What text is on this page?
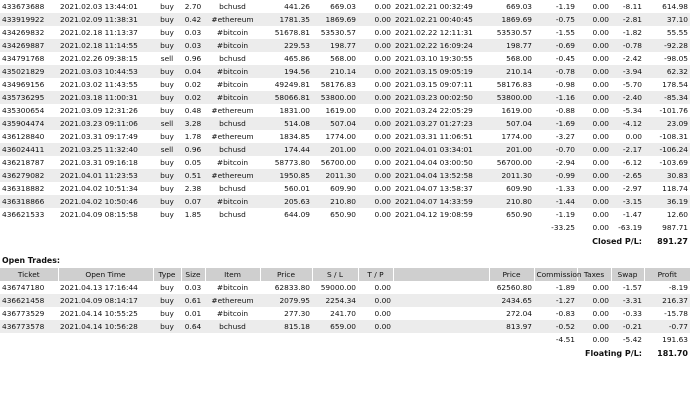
433673688	2021.02.03 13:44:01	buy	2.70	bchusd	441.26	669.03	0.00	2021.02.21 00:32:49	669.03	-1.19	0.00	-8.11	614.98
433919922	2021.02.09 11:38:31	buy	0.42	#ethereum	1781.35	1869.69	0.00	2021.02.21 00:40:45	1869.69	-0.75	0.00	-2.81	37.10
434269832	2021.02.18 11:13:37	buy	0.03	#bitcoin	51678.81	53530.57	0.00	2021.02.22 12:11:31	53530.57	-1.55	0.00	-1.82	55.55
434269887	2021.02.18 11:14:55	buy	0.03	#bitcoin	229.53	198.77	0.00	2021.02.22 16:09:24	198.77	-0.69	0.00	-0.78	-92.28
434791768	2021.02.26 09:38:15	sell	0.96	bchusd	465.86	568.00	0.00	2021.03.10 19:30:55	568.00	-0.45	0.00	-2.42	-98.05
435021829	2021.03.03 10:44:53	buy	0.04	#bitcoin	194.56	210.14	0.00	2021.03.15 09:05:19	210.14	-0.78	0.00	-3.94	62.32
434969156	2021.03.02 11:43:55	buy	0.02	#bitcoin	49249.81	58176.83	0.00	2021.03.15 09:07:11	58176.83	-0.98	0.00	-5.70	178.54
435736295	2021.03.18 11:00:31	buy	0.02	#bitcoin	58066.81	53800.00	0.00	2021.03.23 00:02:50	53800.00	-1.16	0.00	-2.40	-85.34
435300654	2021.03.09 12:31:26	buy	0.48	#ethereum	1831.00	1619.00	0.00	2021.03.24 22:05:29	1619.00	-0.88	0.00	-5.34	-101.76
435904474	2021.03.23 09:11:06	sell	3.28	bchusd	514.08	507.04	0.00	2021.03.27 01:27:23	507.04	-1.69	0.00	-4.12	23.09
436128840	2021.03.31 09:17:49	buy	1.78	#ethereum	1834.85	1774.00	0.00	2021.03.31 11:06:51	1774.00	-3.27	0.00	0.00	-108.31
436024411	2021.03.25 11:32:40	sell	0.96	bchusd	174.44	201.00	0.00	2021.04.01 03:34:01	201.00	-0.70	0.00	-2.17	-106.24
436218787	2021.03.31 09:16:18	buy	0.05	#bitcoin	58773.80	56700.00	0.00	2021.04.04 03:00:50	56700.00	-2.94	0.00	-6.12	-103.69
436279082	2021.04.01 11:23:53	buy	0.51	#ethereum	1950.85	2011.30	0.00	2021.04.04 13:52:58	2011.30	-0.99	0.00	-2.65	30.83
436318882	2021.04.02 10:51:34	buy	2.38	bchusd	560.01	609.90	0.00	2021.04.07 13:58:37	609.90	-1.33	0.00	-2.97	118.74
436318866	2021.04.02 10:50:46	buy	0.07	#bitcoin	205.63	210.80	0.00	2021.04.07 14:33:59	210.80	-1.44	0.00	-3.15	36.19
436621533	2021.04.09 08:15:58	buy	1.85	bchusd	644.09	650.90	0.00	2021.04.12 19:08:59	650.90	-1.19	0.00	-1.47	12.60
										-33.25	0.00	-63.19	987.71
										Closed P/L:			891.27
Open Trades:
Ticket	Open Time	Type	Size	Item	Price	S / L	T / P		Price	Commission	Taxes	Swap	Profit
436747180	2021.04.13 17:16:44	buy	0.03	#bitcoin	62833.80	59000.00	0.00		62560.80	-1.89	0.00	-1.57	-8.19
436621458	2021.04.09 08:14:17	buy	0.61	#ethereum	2079.95	2254.34	0.00		2434.65	-1.27	0.00	-3.31	216.37
436773529	2021.04.14 10:55:25	buy	0.01	#bitcoin	277.30	241.70	0.00		272.04	-0.83	0.00	-0.33	-15.78
436773578	2021.04.14 10:56:28	buy	0.64	bchusd	815.18	659.00	0.00		813.97	-0.52	0.00	-0.21	-0.77
										-4.51	0.00	-5.42	191.63
										Floating P/L:			181.70
